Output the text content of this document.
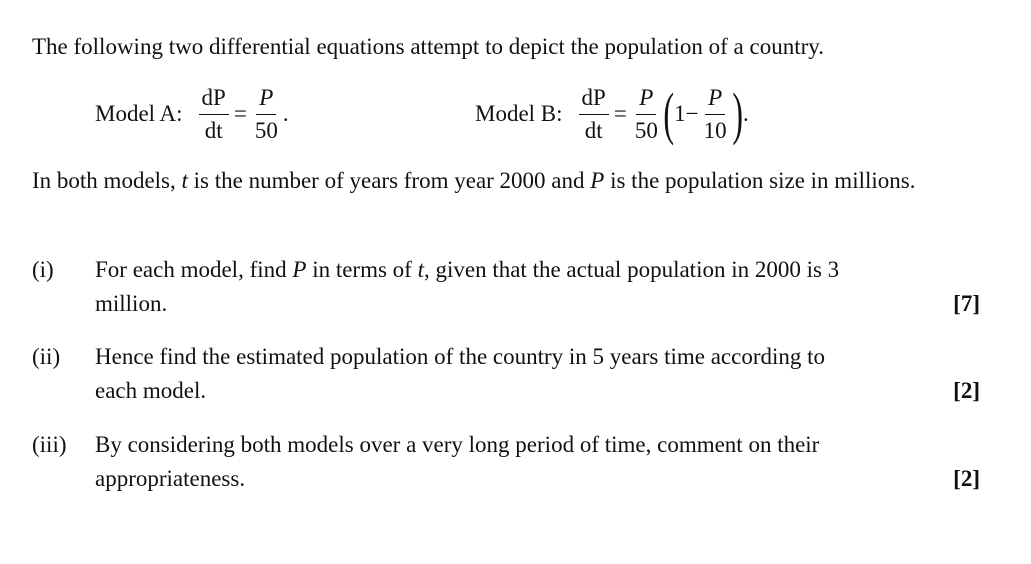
The following two differential equations attempt to depict the population of a country.
Model A: $\frac{dP}{dt} = \frac{P}{50}$ .	Model B: $\frac{dP}{dt} = \frac{P}{50}$ ( $1 - \frac{P}{10}$ ) .
In both models, t is the number of years from year 2000 and P is the population size in millions.
(i) For each model, find P in terms of t, given that the actual population in 2000 is 3
million.	[7]
(ii) Hence find the estimated population of the country in 5 years time according to
each model.	[2]
(iii) By considering both models over a very long period of time, comment on their
appropriateness.	[2]
